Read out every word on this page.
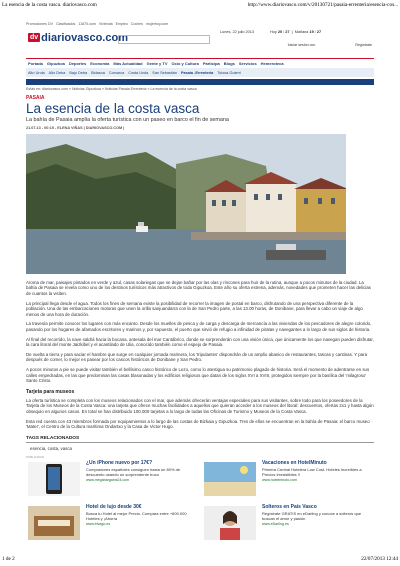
La esencia de la costa vasca. diariovasco.com	http://www.diariovasco.com/v/20130721/pasaia-errenteria/esencia-cos...
Promociones DV Clasificados 11870.com Vivienda Empleo Coches mujerhoy.com
dv diariovasco.com	Lunes, 22 julio 2013	Hoy 20 / 27  |  Mañana 19 / 27
Iniciar sesión con	Regístrate
Portada Gipuzkoa Deportes Economía Más Actualidad Gente y TV Ocio y Cultura Participa Blogs Servicios Hemeroteca
Alto Urola Alto Deba Bajo Deba Bidasoa Comarca Costa Urola San Sebastián Pasaia -Errenteria Tolosa-Goierri
Estás en: diariovasco.com » Noticias Gipuzkoa » Noticias Pasaia Errenteria » La esencia de la costa vasca
PASAIA
La esencia de la costa vasca
La bahía de Pasaia amplía la oferta turística con un paseo en barco el fin de semana
21.07.13 - 00:15 - ELENA VIÑAS | DIARIOVASCO.COM |

Aroma de mar, paisajes pintados en verde y azul, casas solariegas que se dejan bañar por las olas y rincones para huir de la rutina, aunque a pocos minutos de la ciudad. La bahía de Pasaia se revela como uno de los destinos turísticos más atractivos de toda Gipuzkoa. Este año su oferta estrena, además, novedades que prometen hacer las delicias de cuantos la visiten.

La principal llega desde el agua. Todos los fines de semana existe la posibilidad de recorrer la imagen de postal en barco, disfrutando de una perspectiva diferente de la población. Una de las embarcaciones motoras que unen la orilla sanjuandarra con la de San Pedro parte, a las 13.00 horas, de Donibane, para llevar a cabo un viaje de algo menos de una hora de duración.

La travesía permite conocer los lugares con más encanto. Desde los muelles de pesca y de carga y descarga de mercancía a las viviendas de los pescadores de alegre colorido, pasando por los hogares de afamados escritores y marinos y, por supuesto, el puerto que sirvió de refugio a infinidad de piratas y navegantes a lo largo de sus siglos de historia.

Al final del recorrido, la nave saldrá hacia la bocana, antesala del mar Cantábrico, donde se sorprenderán con una visión única, que únicamente los que navegan pueden disfrutar, la cara litoral del monte Jaizkibel y el acantilado de Ulia, conocido también como el espejo de Pasaia.

De vuelta a tierra y para saciar el hambre que surge en cualquier jornada marinera, los 'tripulantes' dispondrán de un amplio abanico de restaurantes, tascas y cantinas. Y para después de comer, lo mejor es pasear por los cascos históricos de Donibane y San Pedro.

A pocos minutos a pie se puede visitar también el bellísimo casco histórico de Lezo, como lo atestigua su patrimonio plagado de historia. Será el momento de adentrarse en sus calles empedradas, en las que predominan las casas blasonadas y los edificios religiosos que datan de los siglos XVI a XVIII, protegidos siempre por la basílica del 'milagroso' Santo Cristo.

Tarjeta para museos

La oferta turística se completa con los museos relacionados con el mar, que además ofrecerán ventajas especiales para sus visitantes, sobre todo para los poseedores de la Tarjeta de los Museos de la Costa Vasca: una tarjeta que ofrece muchas facilidades a aquellos que quieran acceder a los museos del litoral: descuentos, ofertas 2x1 y hasta algún obsequio en algunos casos. En total se han distribuido 100.000 tarjetas a lo largo de todas las Oficinas de Turismo y Museos de la Costa Vasca.

Esta red cuenta con 43 miembros formada por equipamientos a lo largo de las costas de Bizkaia y Gipuzkoa. Tres de ellos se encuentran en la bahía de Pasaia: el barco museo 'Mater', el Centro de la Cultura marítima Ondartxo y la Casa de Victor Hugo.

TAGS RELACIONADOS
esencia, costa, vasca
PUBLICIDAD
¿Un iPhone nuevo por 17€?
Compradores españoles consiguen hasta un 80% de descuento usando un sorprendente truco
www.megabargains24.com
Vacaciones en HotelMinuto
Primera Central Hotelera Low Cost. Hoteles Increíbles a Precios Irresistibles !!
www.hotelminuto.com
Hotel de lujo desde 30€
Busca tu Hotel al mejor Precio. Compara entre +600.000 Hoteles y ¡Ahorra
www.trivago.es
Solteros en País Vasco
Regístrate GRATIS en eDarling y conoce a solteros que buscan el amor y pasión
www.eDarling.es
1 de 2	22/07/2013 12:44
